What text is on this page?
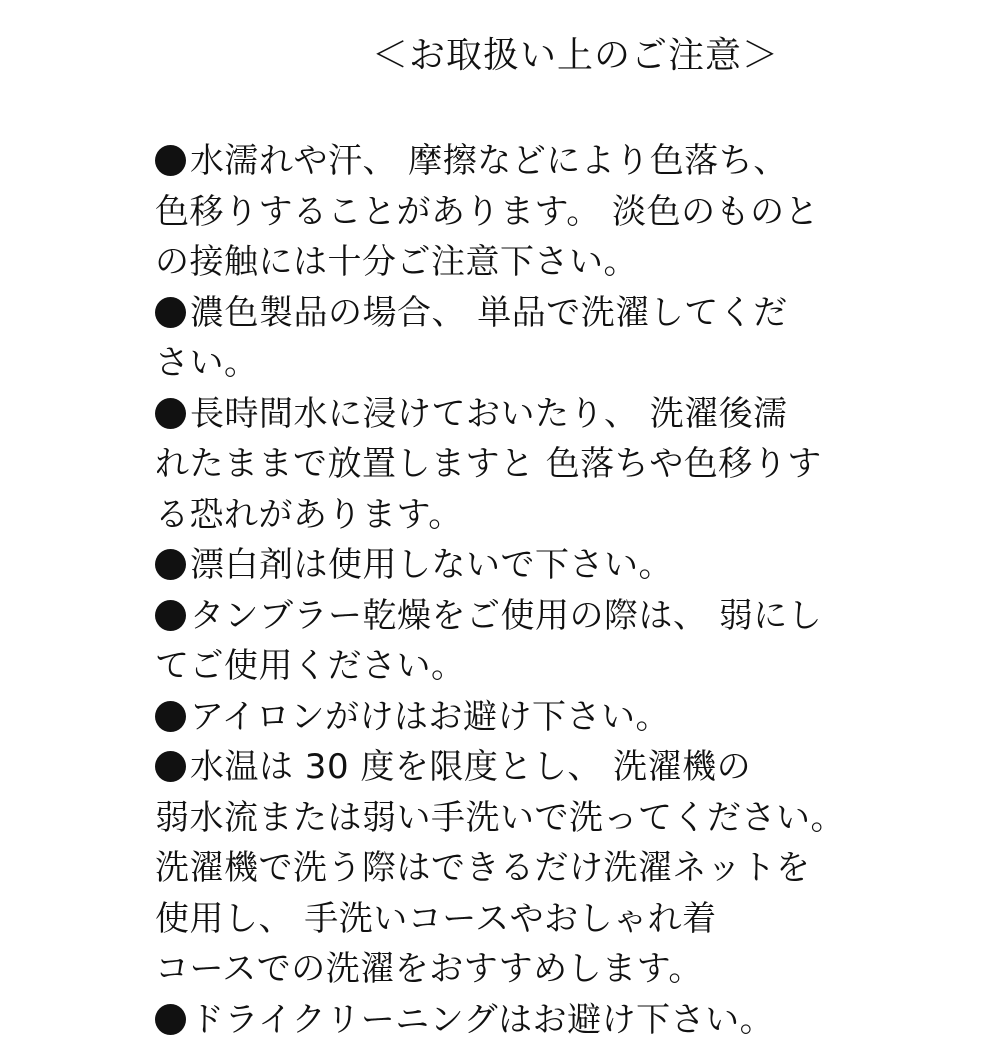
＜お取扱い上のご注意＞
水濡れや汗、 摩擦などにより色落ち、
色移りすることがあります。 淡色のものと
の接触には十分ご注意下さい。
濃色製品の場合、 単品で洗濯してくだ
さい。
長時間水に浸けておいたり、 洗濯後濡
れたままで放置しますと 色落ちや色移りす
る恐れがあります。
漂白剤は使用しないで下さい。
タンブラー乾燥をご使用の際は、 弱にし
てご使用ください。
アイロンがけはお避け下さい。
水温は 30 度を限度とし、 洗濯機の
弱水流または弱い手洗いで洗ってください。
洗濯機で洗う際はできるだけ洗濯ネットを
使用し、 手洗いコースやおしゃれ着
コースでの洗濯をおすすめします。
ドライクリーニングはお避け下さい。
